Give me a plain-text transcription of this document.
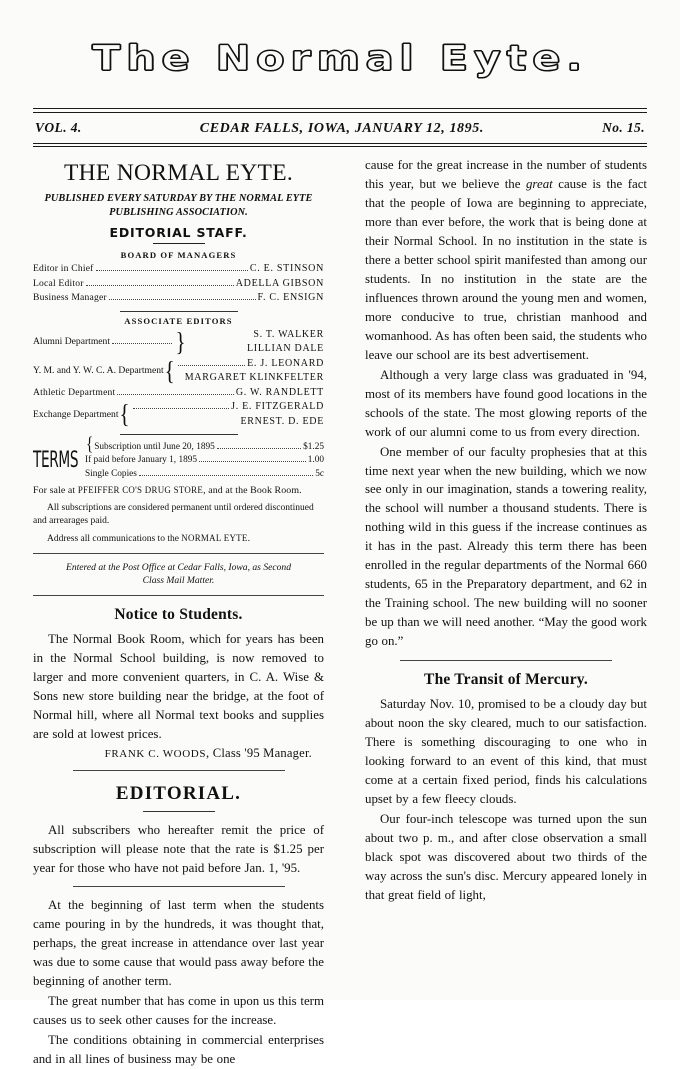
The Normal Eyte.
VOL. 4.	CEDAR FALLS, IOWA, JANUARY 12, 1895.	No. 15.
THE NORMAL EYTE.
PUBLISHED EVERY SATURDAY BY THE NORMAL EYTE
PUBLISHING ASSOCIATION.
EDITORIAL STAFF.
BOARD OF MANAGERS
Editor in Chief	C. E. STINSON
Local Editor	ADELLA GIBSON
Business Manager	F. C. ENSIGN
ASSOCIATE EDITORS
Alumni Department	}	S. T. WALKER
LILLIAN DALE
Y. M. and Y. W. C. A. Department {	E. J. LEONARD
MARGARET KLINKFELTER
Athletic Department	G. W. RANDLETT
Exchange Department {	J. E. FITZGERALD
ERNEST. D. EDE
TERMS
{ Subscription until June 20, 1895	$1.25
If paid before January 1, 1895	1.00
Single Copies	5c
For sale at PFEIFFER CO'S DRUG STORE, and at the Book Room.
All subscriptions are considered permanent until ordered discontinued and arrearages paid.
Address all communications to the NORMAL EYTE.
Entered at the Post Office at Cedar Falls, Iowa, as Second
Class Mail Matter.
Notice to Students.

The Normal Book Room, which for years has been in the Normal School building, is now removed to larger and more convenient quarters, in C. A. Wise & Sons new store building near the bridge, at the foot of Normal hill, where all Normal text books and supplies are sold at lowest prices.

FRANK C. WOODS, Class '95 Manager.
EDITORIAL.

All subscribers who hereafter remit the price of subscription will please note that the rate is $1.25 per year for those who have not paid before Jan. 1, '95.

At the beginning of last term when the students came pouring in by the hundreds, it was thought that, perhaps, the great increase in attendance over last year was due to some cause that would pass away before the beginning of another term.

The great number that has come in upon us this term causes us to seek other causes for the increase.

The conditions obtaining in commercial enterprises and in all lines of business may be one

cause for the great increase in the number of students this year, but we believe the great cause is the fact that the people of Iowa are beginning to appreciate, more than ever before, the work that is being done at their Normal School. In no institution in the state is there a better school spirit manifested than among our students. In no institution in the state are the influences thrown around the young men and women, more conducive to true, christian manhood and womanhood. As has often been said, the students who leave our school are its best advertisement.

Although a very large class was graduated in '94, most of its members have found good locations in the schools of the state. The most glowing reports of the work of our alumni come to us from every direction.

One member of our faculty prophesies that at this time next year when the new building, which we now see only in our imagination, stands a towering reality, the school will number a thousand students. There is nothing wild in this guess if the increase continues as it has in the past. Already this term there has been enrolled in the regular departments of the Normal 660 students, 65 in the Preparatory department, and 62 in the Training school. The new building will no sooner be up than we will need another. “May the good work go on.”

The Transit of Mercury.

Saturday Nov. 10, promised to be a cloudy day but about noon the sky cleared, much to our satisfaction. There is something discouraging to one who in looking forward to an event of this kind, that must come at a certain fixed period, finds his calculations upset by a few fleecy clouds.

Our four-inch telescope was turned upon the sun about two p. m., and after close observation a small black spot was discovered about two thirds of the way across the sun's disc. Mercury appeared lonely in that great field of light,
